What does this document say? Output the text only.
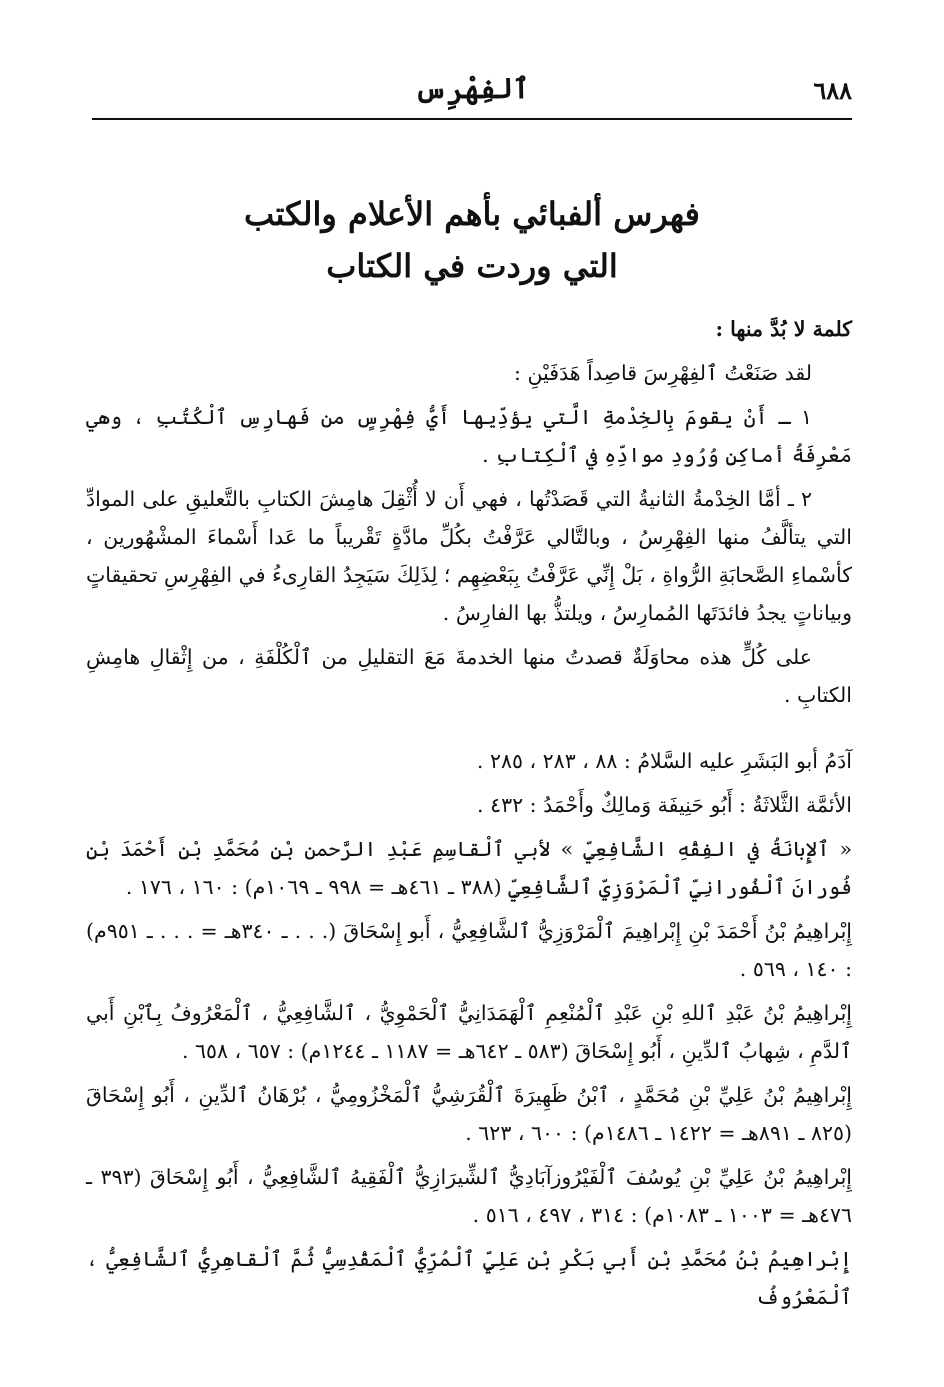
٦٨٨
ٱلفِهْرِس
فهرس ألفبائي بأهم الأعلام والكتب
التي وردت في الكتاب

كلمة لا بُدَّ منها :

لقد صَنَعْتُ ٱلفِهْرِسَ قاصِداً هَدَفَيْنِ :

١ ـ أَنْ يقومَ بِالخِدْمةِ الَّتي يؤدِّيها أَيُّ فِهْرِسٍ من فَهارِسِ ٱلْكُتُبِ ، وهي مَعْرِفَةُ أماكِنِ وُرُودِ موادِّهِ في ٱلْكِتابِ .

٢ ـ أمَّا الخِدْمةُ الثانيةُ التي قَصَدْتُها ، فهي أَن لا أُثْقِلَ هامِشَ الكتابِ بالتَّعليقِ على الموادِّ التي يتألَّفُ منها الفِهْرِسُ ، وبالتَّالي عَرَّفْتُ بكُلِّ مادَّةٍ تَقْريباً ما عَدا أَسْماءَ المشْهُورين ، كأسْماءِ الصَّحابَةِ الرُّواةِ ، بَلْ إِنِّي عَرَّفْتُ بِبَعْضِهِم ؛ لِذَلِكَ سَيَجِدُ القارِىءُ في الفِهْرِسِ تحقيقاتٍ وبياناتٍ يجدُ فائدَتَها المُمارِسُ ، ويلتذُّ بها الفارِسُ .

على كُلٍّ هذه محاوَلَةٌ قصدتُ منها الخدمةَ مَعَ التقليلِ من ٱلْكُلْفَةِ ، من إِثْقالِ هامِشِ الكتابِ .

آدَمُ أبو البَشَرِ عليه السَّلامُ : ٨٨ ، ٢٨٣ ، ٢٨٥ .

الأئمَّة الثَّلاثَةُ : أَبُو حَنِيفَة وَمالِكٌ وأَحْمَدُ : ٤٣٢ .

« ٱلإِبانَةُ في الفِقْهِ الشَّافِعِيِّ » لأبي ٱلْقاسِمِ عَبْدِ الرَّحمن بْنِ مُحَمَّدِ بْنِ أَحْمَدَ بْنِ فُورانَ ٱلْفُورانِيِّ ٱلْمَرْوَزِيِّ ٱلشَّافِعِيِّ (٣٨٨ ـ ٤٦١هـ = ٩٩٨ ـ ١٠٦٩م) : ١٦٠ ، ١٧٦ .

إِبْراهِيمُ بْنُ أَحْمَدَ بْنِ إِبْراهِيمَ ٱلْمَرْوَزِيُّ ٱلشَّافِعِيُّ ، أَبو إِسْحَاقَ (. . . ـ ٣٤٠هـ = . . . ـ ٩٥١م) : ١٤٠ ، ٥٦٩ .

إِبْراهِيمُ بْنُ عَبْدِ ٱللهِ بْنِ عَبْدِ ٱلْمُنْعِمِ ٱلْهَمَدَانِيُّ ٱلْحَمْوِيُّ ، ٱلشَّافِعِيُّ ، ٱلْمَعْرُوفُ بِٱبْنِ أَبي ٱلدَّمِ ، شِهابُ ٱلدِّينِ ، أَبُو إِسْحَاقَ (٥٨٣ ـ ٦٤٢هـ = ١١٨٧ ـ ١٢٤٤م) : ٦٥٧ ، ٦٥٨ .

إِبْراهِيمُ بْنُ عَلِيِّ بْنِ مُحَمَّدٍ ، ٱبْنُ ظَهِيرَةَ ٱلْقُرَشِيُّ ٱلْمَخْزُومِيُّ ، بُرْهَانُ ٱلدِّينِ ، أَبُو إِسْحَاقَ (٨٢٥ ـ ٨٩١هـ = ١٤٢٢ ـ ١٤٨٦م) : ٦٠٠ ، ٦٢٣ .

إِبْراهِيمُ بْنُ عَلِيِّ بْنِ يُوسُفَ ٱلْفَيْرُوزآبَادِيُّ ٱلشِّيرَازِيُّ ٱلْفَقِيهُ ٱلشَّافِعِيُّ ، أَبُو إِسْحَاقَ (٣٩٣ ـ ٤٧٦هـ = ١٠٠٣ ـ ١٠٨٣م) : ٣١٤ ، ٤٩٧ ، ٥١٦ .

إِبْراهِيمُ بْنُ مُحَمَّدِ بْنِ أَبي بَكْرِ بْنِ عَلِيٍّ ٱلْمُرِّيُّ ٱلْمَقْدِسِيُّ ثُمَّ ٱلْقاهِرِيُّ ٱلشَّافِعِيُّ ، ٱلْمَعْرُوفُ
